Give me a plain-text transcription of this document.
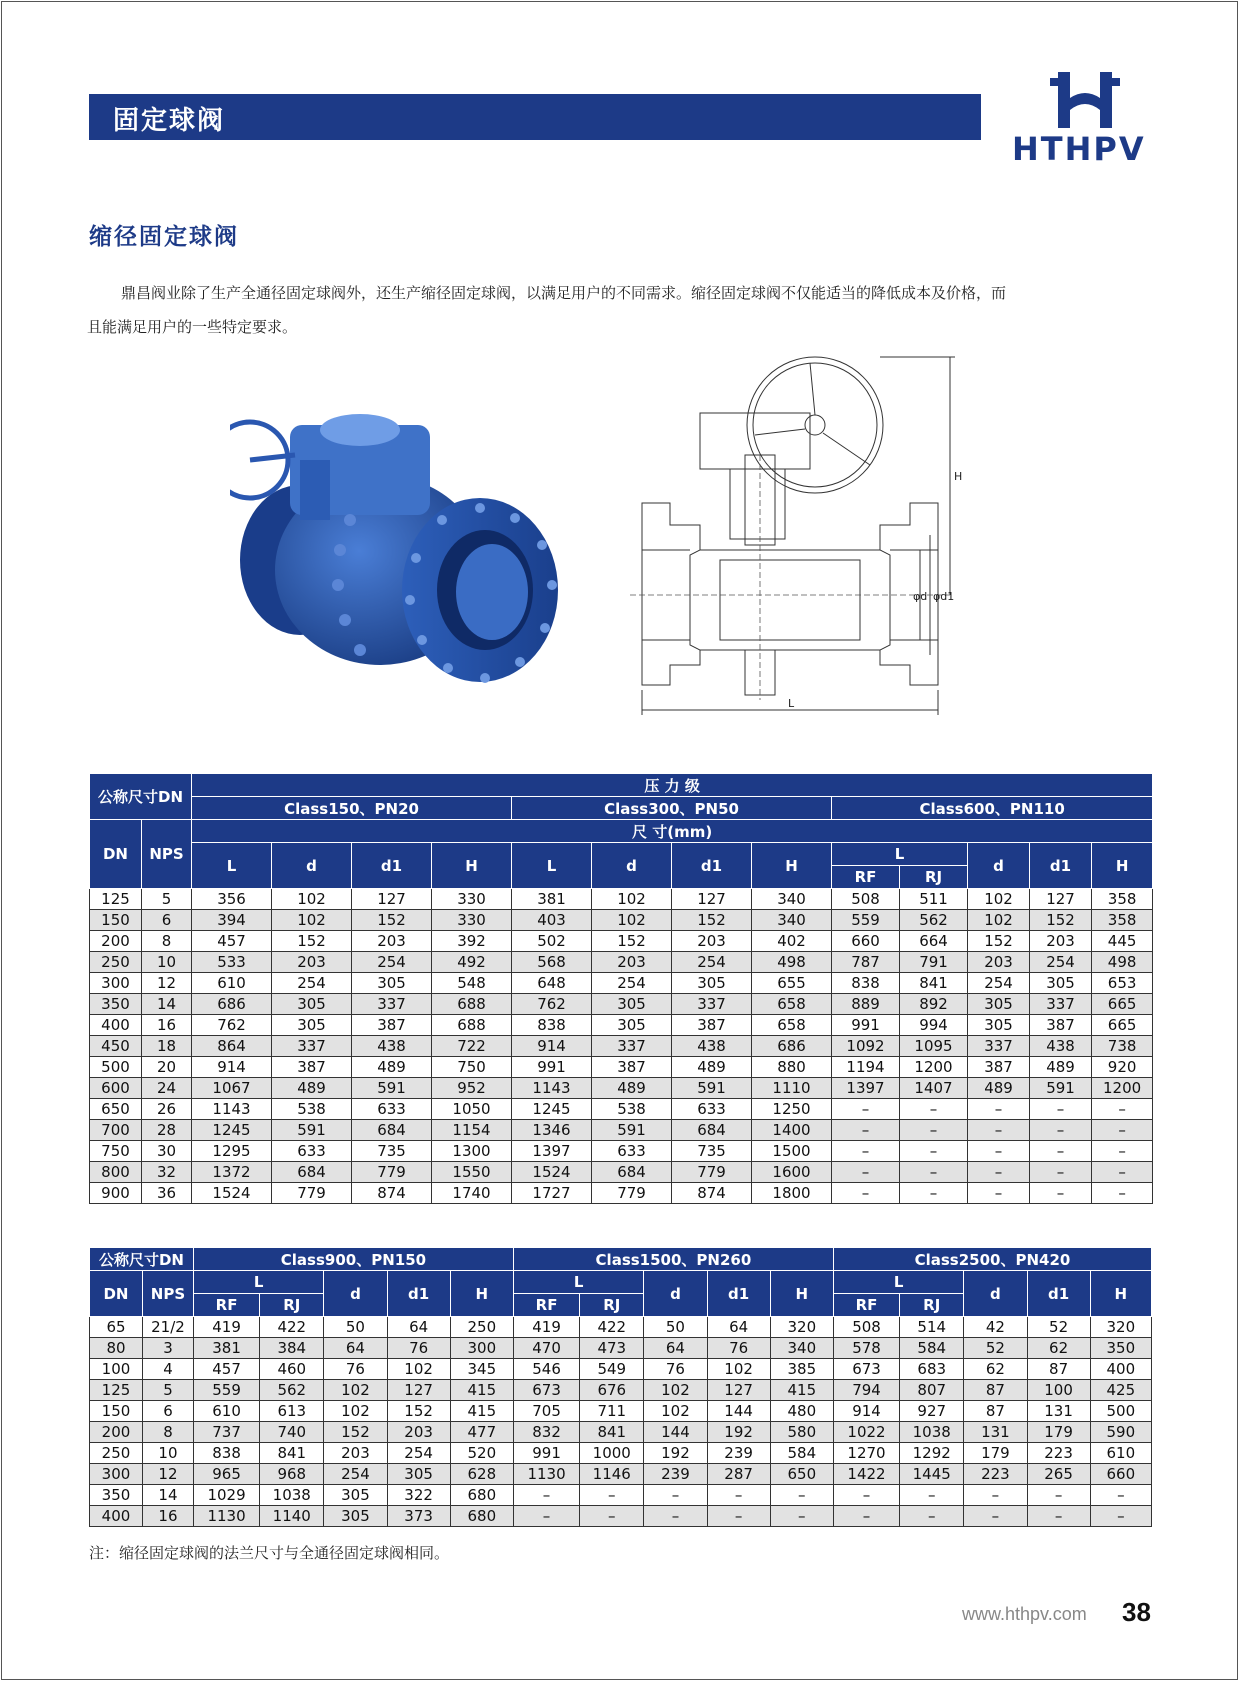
固定球阀
HTHPV
缩径固定球阀
鼎昌阀业除了生产全通径固定球阀外，还生产缩径固定球阀，以满足用户的不同需求。缩径固定球阀不仅能适当的降低成本及价格，而
且能满足用户的一些特定要求。
L
H
φd φd1
公称尺寸DN		压 力 级												
		Class150、PN20				Class300、PN50				Class600、PN110				
DN	NPS	尺 寸(mm)												
		L	d	d1	H	L	d	d1	H	L		d	d1	H
										RF	RJ			
125	5	356	102	127	330	381	102	127	340	508	511	102	127	358
150	6	394	102	152	330	403	102	152	340	559	562	102	152	358
200	8	457	152	203	392	502	152	203	402	660	664	152	203	445
250	10	533	203	254	492	568	203	254	498	787	791	203	254	498
300	12	610	254	305	548	648	254	305	655	838	841	254	305	653
350	14	686	305	337	688	762	305	337	658	889	892	305	337	665
400	16	762	305	387	688	838	305	387	658	991	994	305	387	665
450	18	864	337	438	722	914	337	438	686	1092	1095	337	438	738
500	20	914	387	489	750	991	387	489	880	1194	1200	387	489	920
600	24	1067	489	591	952	1143	489	591	1110	1397	1407	489	591	1200
650	26	1143	538	633	1050	1245	538	633	1250	–	–	–	–	–
700	28	1245	591	684	1154	1346	591	684	1400	–	–	–	–	–
750	30	1295	633	735	1300	1397	633	735	1500	–	–	–	–	–
800	32	1372	684	779	1550	1524	684	779	1600	–	–	–	–	–
900	36	1524	779	874	1740	1727	779	874	1800	–	–	–	–	–
公称尺寸DN		Class900、PN150					Class1500、PN260					Class2500、PN420				
DN	NPS	L		d	d1	H	L		d	d1	H	L		d	d1	H
		RF	RJ				RF	RJ				RF	RJ			
65	21/2	419	422	50	64	250	419	422	50	64	320	508	514	42	52	320
80	3	381	384	64	76	300	470	473	64	76	340	578	584	52	62	350
100	4	457	460	76	102	345	546	549	76	102	385	673	683	62	87	400
125	5	559	562	102	127	415	673	676	102	127	415	794	807	87	100	425
150	6	610	613	102	152	415	705	711	102	144	480	914	927	87	131	500
200	8	737	740	152	203	477	832	841	144	192	580	1022	1038	131	179	590
250	10	838	841	203	254	520	991	1000	192	239	584	1270	1292	179	223	610
300	12	965	968	254	305	628	1130	1146	239	287	650	1422	1445	223	265	660
350	14	1029	1038	305	322	680	–	–	–	–	–	–	–	–	–	–
400	16	1130	1140	305	373	680	–	–	–	–	–	–	–	–	–	–
注：缩径固定球阀的法兰尺寸与全通径固定球阀相同。
www.hthpv.com 38
